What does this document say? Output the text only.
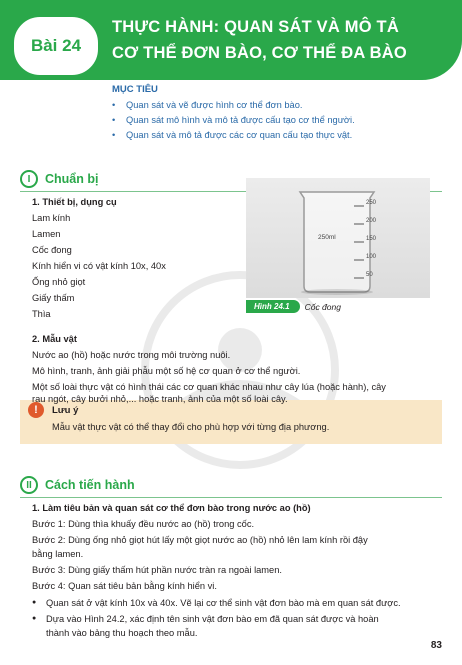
Bài 24
THỰC HÀNH: QUAN SÁT VÀ MÔ TẢ
CƠ THỂ ĐƠN BÀO, CƠ THỂ ĐA BÀO
MỤC TIÊU
• Quan sát và vẽ được hình cơ thể đơn bào.
• Quan sát mô hình và mô tả được cấu tạo cơ thể người.
• Quan sát và mô tả được các cơ quan cấu tạo thực vật.
I	Chuẩn bị
1. Thiết bị, dụng cụ
Lam kính
Lamen
Cốc đong
Kính hiển vi có vật kính 10x, 40x
Ống nhỏ giọt
Giấy thấm
Thìa
250
200
150
100
50
250ml
Hình 24.1	Cốc đong
2. Mẫu vật
Nước ao (hồ) hoặc nước trong môi trường nuôi.
Mô hình, tranh, ảnh giải phẫu một số hệ cơ quan ở cơ thể người.
Một số loài thực vật có hình thái các cơ quan khác nhau như cây lúa (hoặc hành), cây
!	Lưu ý
Mẫu vật thực vật có thể thay đổi cho phù hợp với từng địa phương.
rau ngót, cây bưởi nhỏ,... hoặc tranh, ảnh của một số loài cây.
II	Cách tiến hành
1. Làm tiêu bản và quan sát cơ thể đơn bào trong nước ao (hồ)
Bước 1: Dùng thìa khuấy đều nước ao (hồ) trong cốc.
Bước 2: Dùng ống nhỏ giọt hút lấy một giọt nước ao (hồ) nhỏ lên lam kính rồi đậy
bằng lamen.
Bước 3: Dùng giấy thấm hút phần nước tràn ra ngoài lamen.
Bước 4: Quan sát tiêu bản bằng kính hiển vi.
● Quan sát ở vật kính 10x và 40x. Vẽ lại cơ thể sinh vật đơn bào mà em quan sát được.
● Dựa vào Hình 24.2, xác định tên sinh vật đơn bào em đã quan sát được và hoàn
thành vào bảng thu hoạch theo mẫu.
83
